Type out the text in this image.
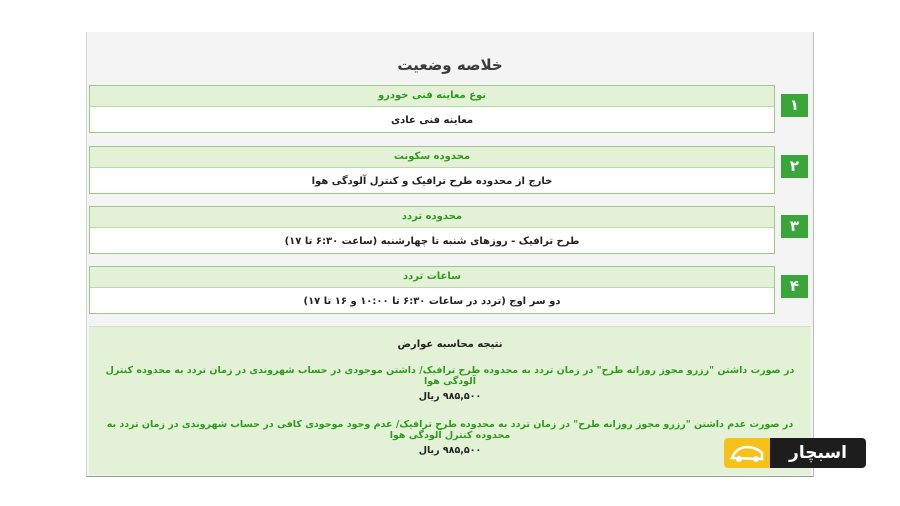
خلاصه وضعیت
نوع معاینه فنی خودرو
معاینه فنی عادی
۱
محدوده سکونت
خارج از محدوده طرح ترافیک و کنترل آلودگی هوا
۲
محدوده تردد
طرح ترافیک - روزهای شنبه تا چهارشنبه (ساعت ۶:۳۰ تا ۱۷)
۳
ساعات تردد
دو سر اوج (تردد در ساعات ۶:۳۰ تا ۱۰:۰۰ و ۱۶ تا ۱۷)
۴
نتیجه محاسبه عوارض
در صورت داشتن "رزرو مجوز روزانه طرح" در زمان تردد به محدوده طرح ترافیک/ داشتن موجودی در حساب شهروندی در زمان تردد به محدوده کنترل آلودگی هوا
۹۸۵,۵۰۰ ریال
در صورت عدم داشتن "رزرو مجوز روزانه طرح" در زمان تردد به محدوده طرح ترافیک/ عدم وجود موجودی کافی در حساب شهروندی در زمان تردد به محدوده کنترل آلودگی هوا
۹۸۵,۵۰۰ ریال	اسبچار
